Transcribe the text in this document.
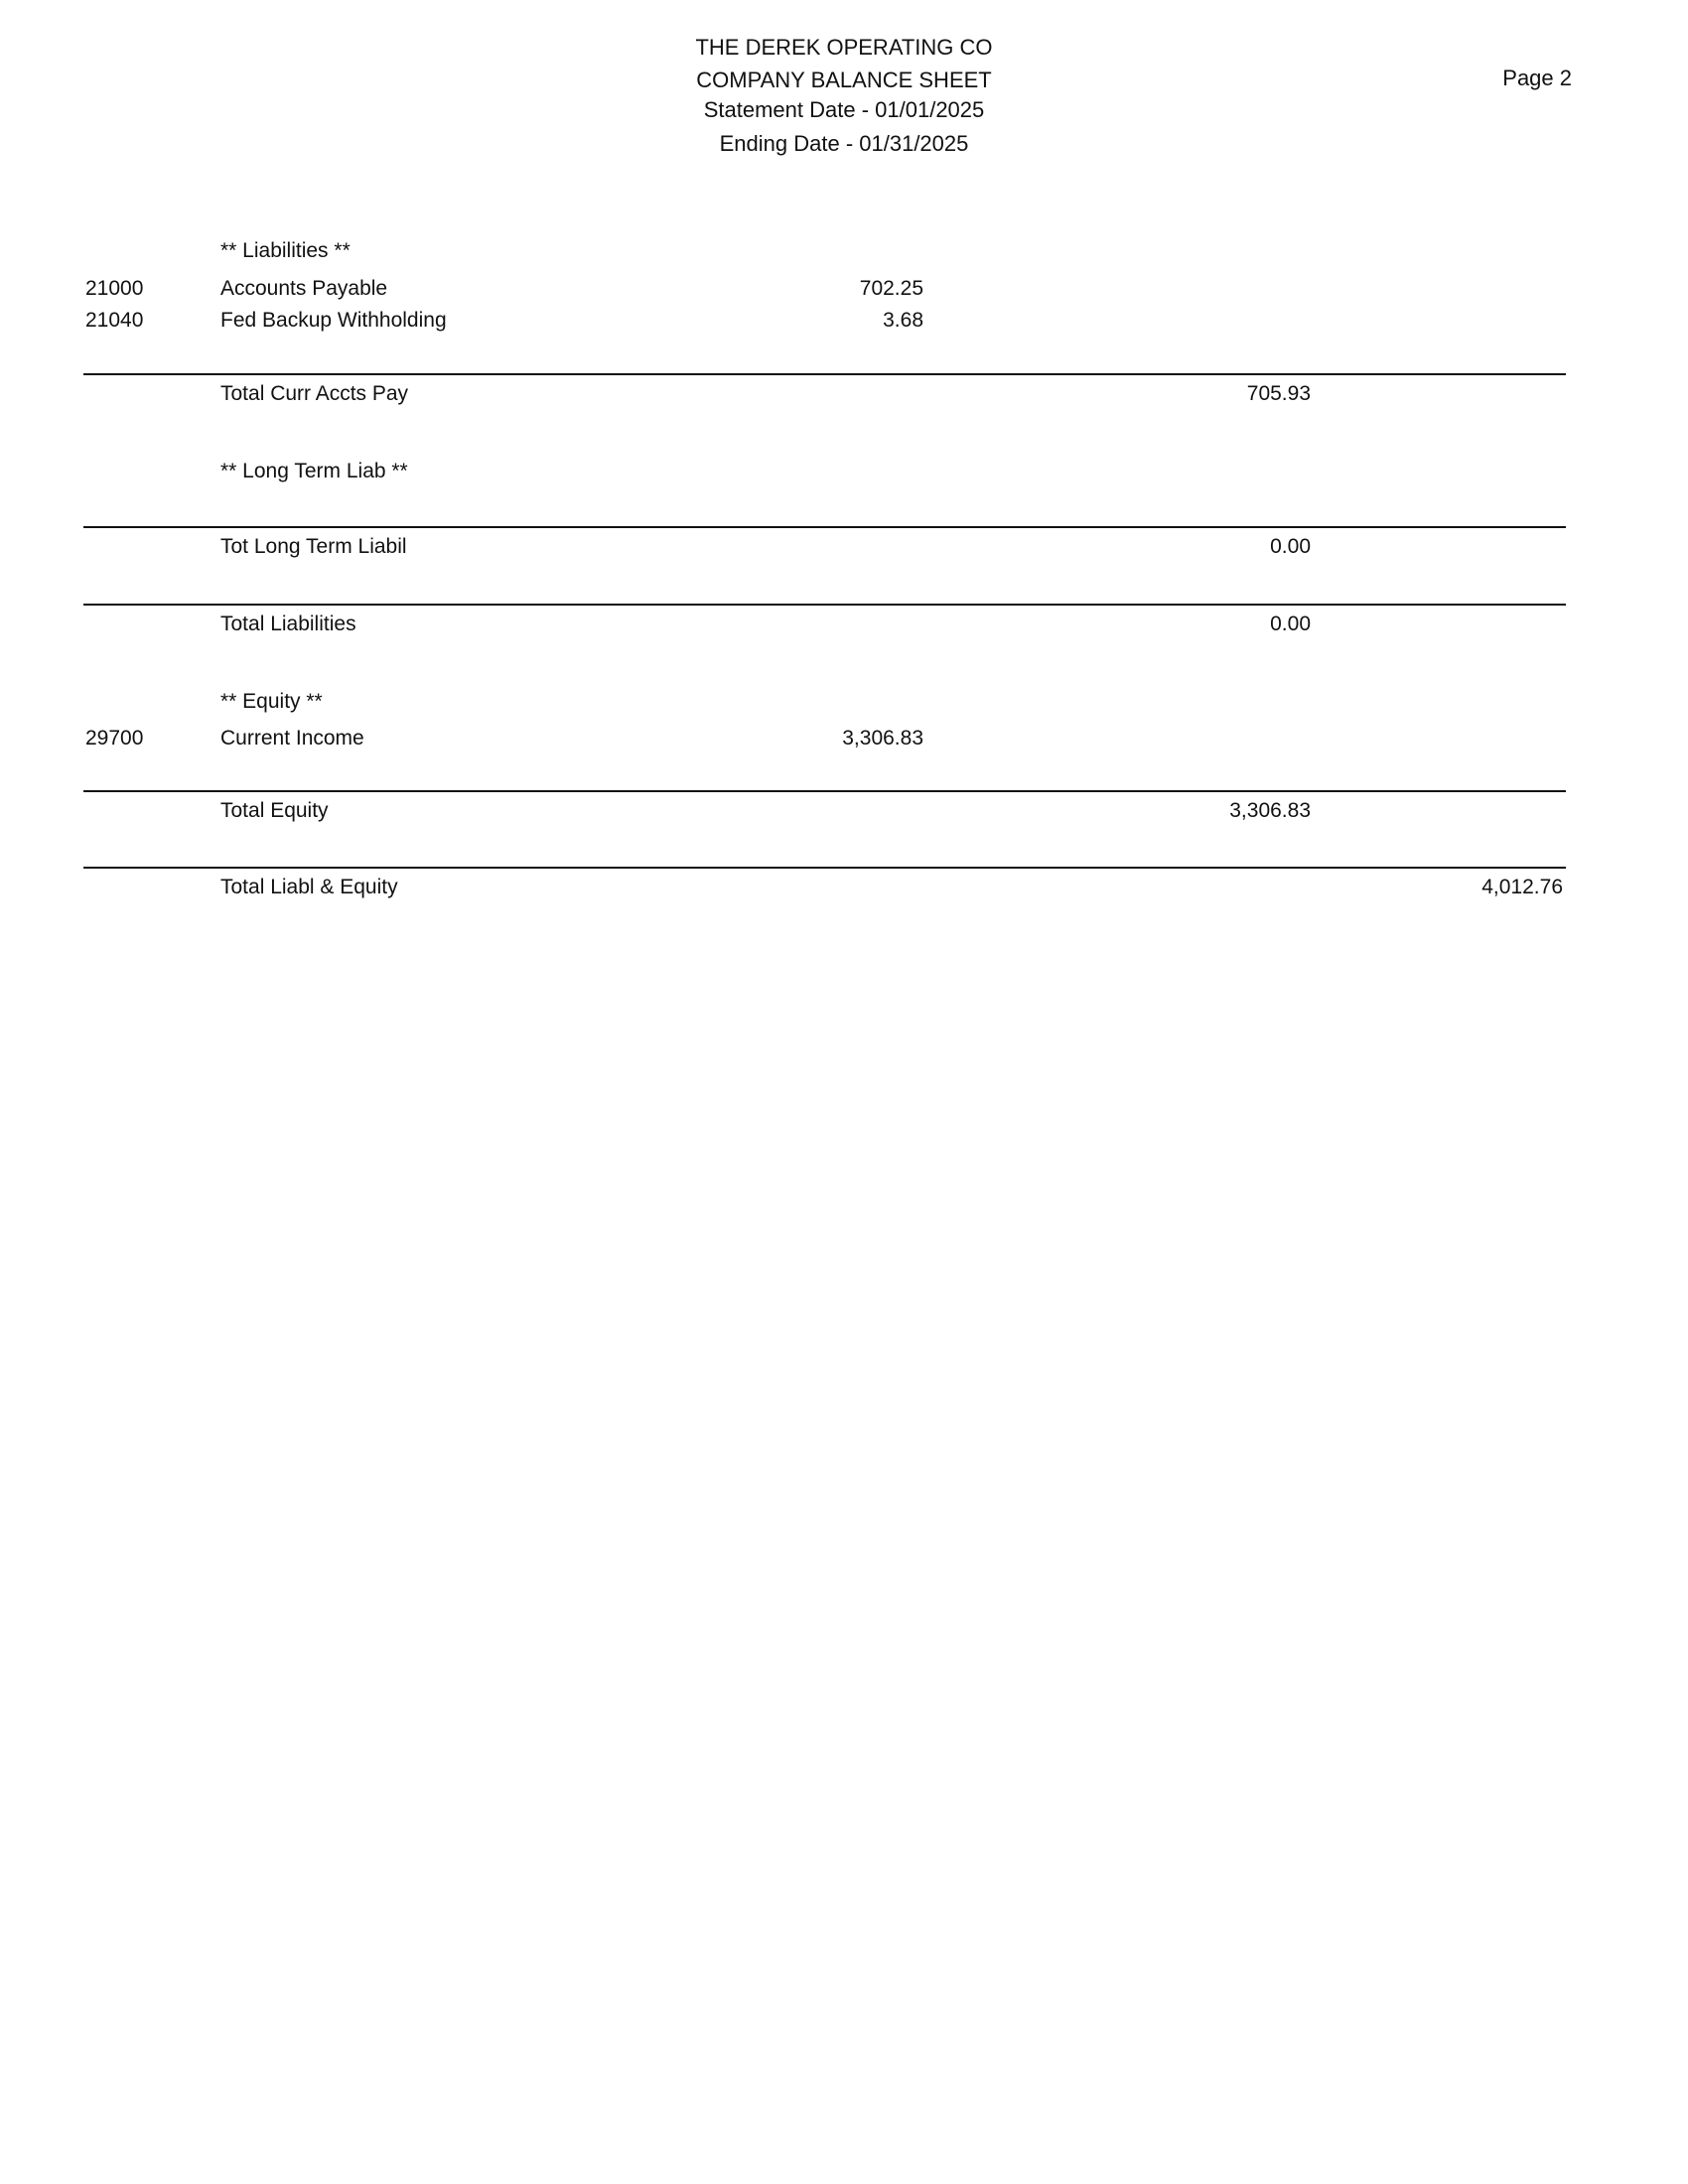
THE DEREK OPERATING CO
COMPANY BALANCE SHEET
Statement Date - 01/01/2025
Ending Date - 01/31/2025
Page 2
** Liabilities **
21000	Accounts Payable	702.25
21040	Fed Backup Withholding	3.68
Total Curr Accts Pay	705.93
** Long Term Liab **
Tot Long Term Liabil	0.00
Total Liabilities	0.00
** Equity **
29700	Current Income	3,306.83
Total Equity	3,306.83
Total Liabl & Equity	4,012.76
